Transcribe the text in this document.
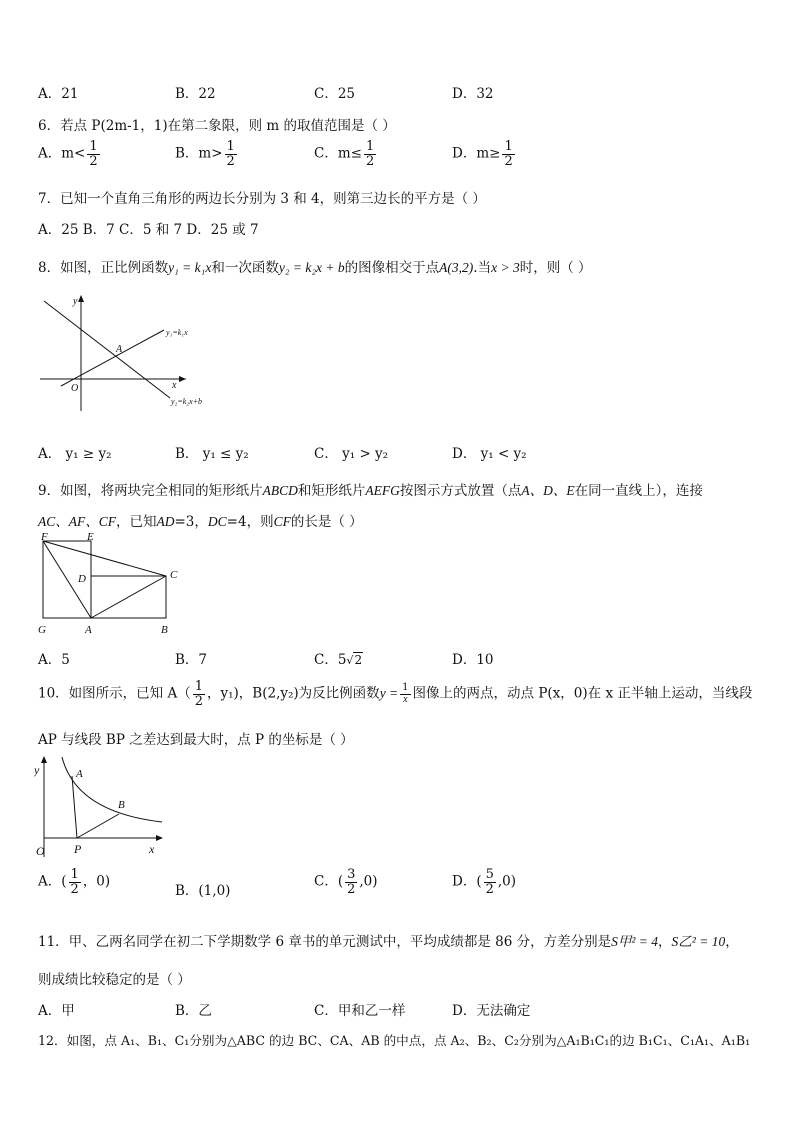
A．21	B．22	C．25	D．32
6．若点 P(2m-1，1)在第二象限，则 m 的取值范围是（ ）
A．$m< \frac{1}{2}$	B．$m> \frac{1}{2}$	C．$m\le \frac{1}{2}$	D．$m\ge \frac{1}{2}$
7．已知一个直角三角形的两边长分别为 3 和 4，则第三边长的平方是（ ）
A．25 B．7 C．5 和 7 D．25 或 7
8．如图，正比例函数y₁ = k₁x和一次函数y₂ = k₂x + b的图像相交于点A(3,2).当x > 3时，则（ ）
y
x
O
A
y₁=k₁x
y₂=k₂x+b
A． y₁ ≥ y₂	B． y₁ ≤ y₂	C． y₁ > y₂	D． y₁ < y₂
9．如图，将两块完全相同的矩形纸片ABCD和矩形纸片AEFG按图示方式放置（点A、D、E在同一直线上），连接
AC、AF、CF，已知AD=3，DC=4，则CF的长是（ ）
F	E
D	C
G	A	B
A．5	B．7	C．5√2	D．10
10．如图所示，已知 $A( \frac{1}{2}$ ，y₁)，B(2,y₂)为反比例函数$y = \frac{1}{x}$ 图像上的两点，动点 P(x，0)在 x 正半轴上运动，当线段
AP 与线段 BP 之差达到最大时，点 P 的坐标是（ ）
y	A
B
O P	x
A．( $\frac{1}{2}$ ，0)
B．(1,0)
C．( $\frac{3}{2} ,0$)	D．( $\frac{5}{2} ,0$)
11．甲、乙两名同学在初二下学期数学 6 章书的单元测试中，平均成绩都是 86 分，方差分别是S甲² = 4，S乙² = 10，
则成绩比较稳定的是（ ）
A．甲	B．乙	C．甲和乙一样	D．无法确定
12．如图，点 A₁、B₁、C₁分别为△ABC 的边 BC、CA、AB 的中点，点 A₂、B₂、C₂分别为△A₁B₁C₁的边 B₁C₁、C₁A₁、A₁B₁
